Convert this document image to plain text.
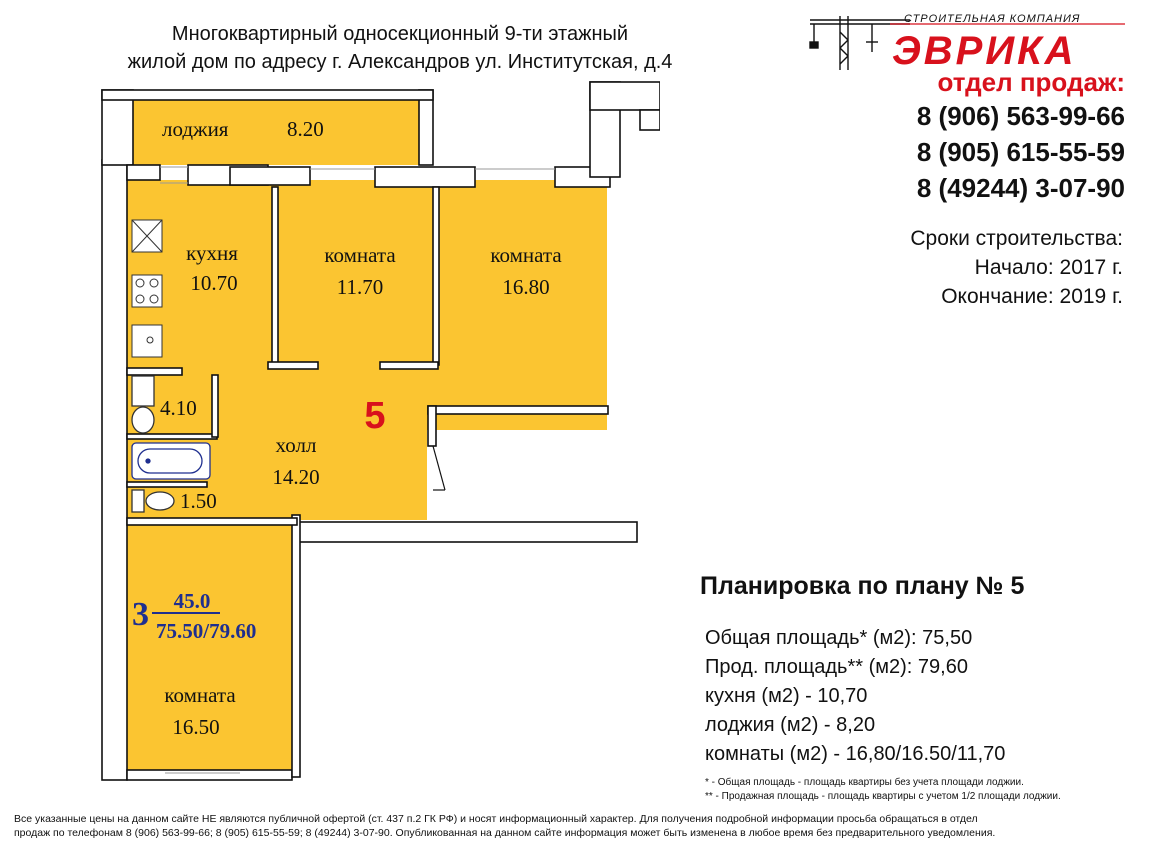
Многоквартирный односекционный 9-ти этажный
жилой дом по адресу г. Александров ул. Институтская, д.4
СТРОИТЕЛЬНАЯ КОМПАНИЯ
ЭВРИКА
отдел продаж:
8 (906) 563-99-66
8 (905) 615-55-59
8 (49244) 3-07-90
Сроки строительства:
Начало: 2017 г.
Окончание: 2019 г.
лоджия	8.20
кухня
10.70
комната
11.70
комната
16.80
4.10
1.50
холл
14.20
5
3 45.0
75.50/79.60
комната
16.50
Планировка по плану № 5
Общая площадь* (м2): 75,50
Прод. площадь** (м2): 79,60
кухня (м2) - 10,70
лоджия (м2) - 8,20
комнаты (м2) - 16,80/16.50/11,70
* - Общая площадь - площадь квартиры без учета площади лоджии.
** - Продажная площадь - площадь квартиры с учетом 1/2 площади лоджии.
Все указанные цены на данном сайте НЕ являются публичной офертой (ст. 437 п.2 ГК РФ) и носят информационный характер. Для получения подробной информации просьба обращаться в отдел
продаж по телефонам 8 (906) 563-99-66; 8 (905) 615-55-59; 8 (49244) 3-07-90. Опубликованная на данном сайте информация может быть изменена в любое время без предварительного уведомления.
